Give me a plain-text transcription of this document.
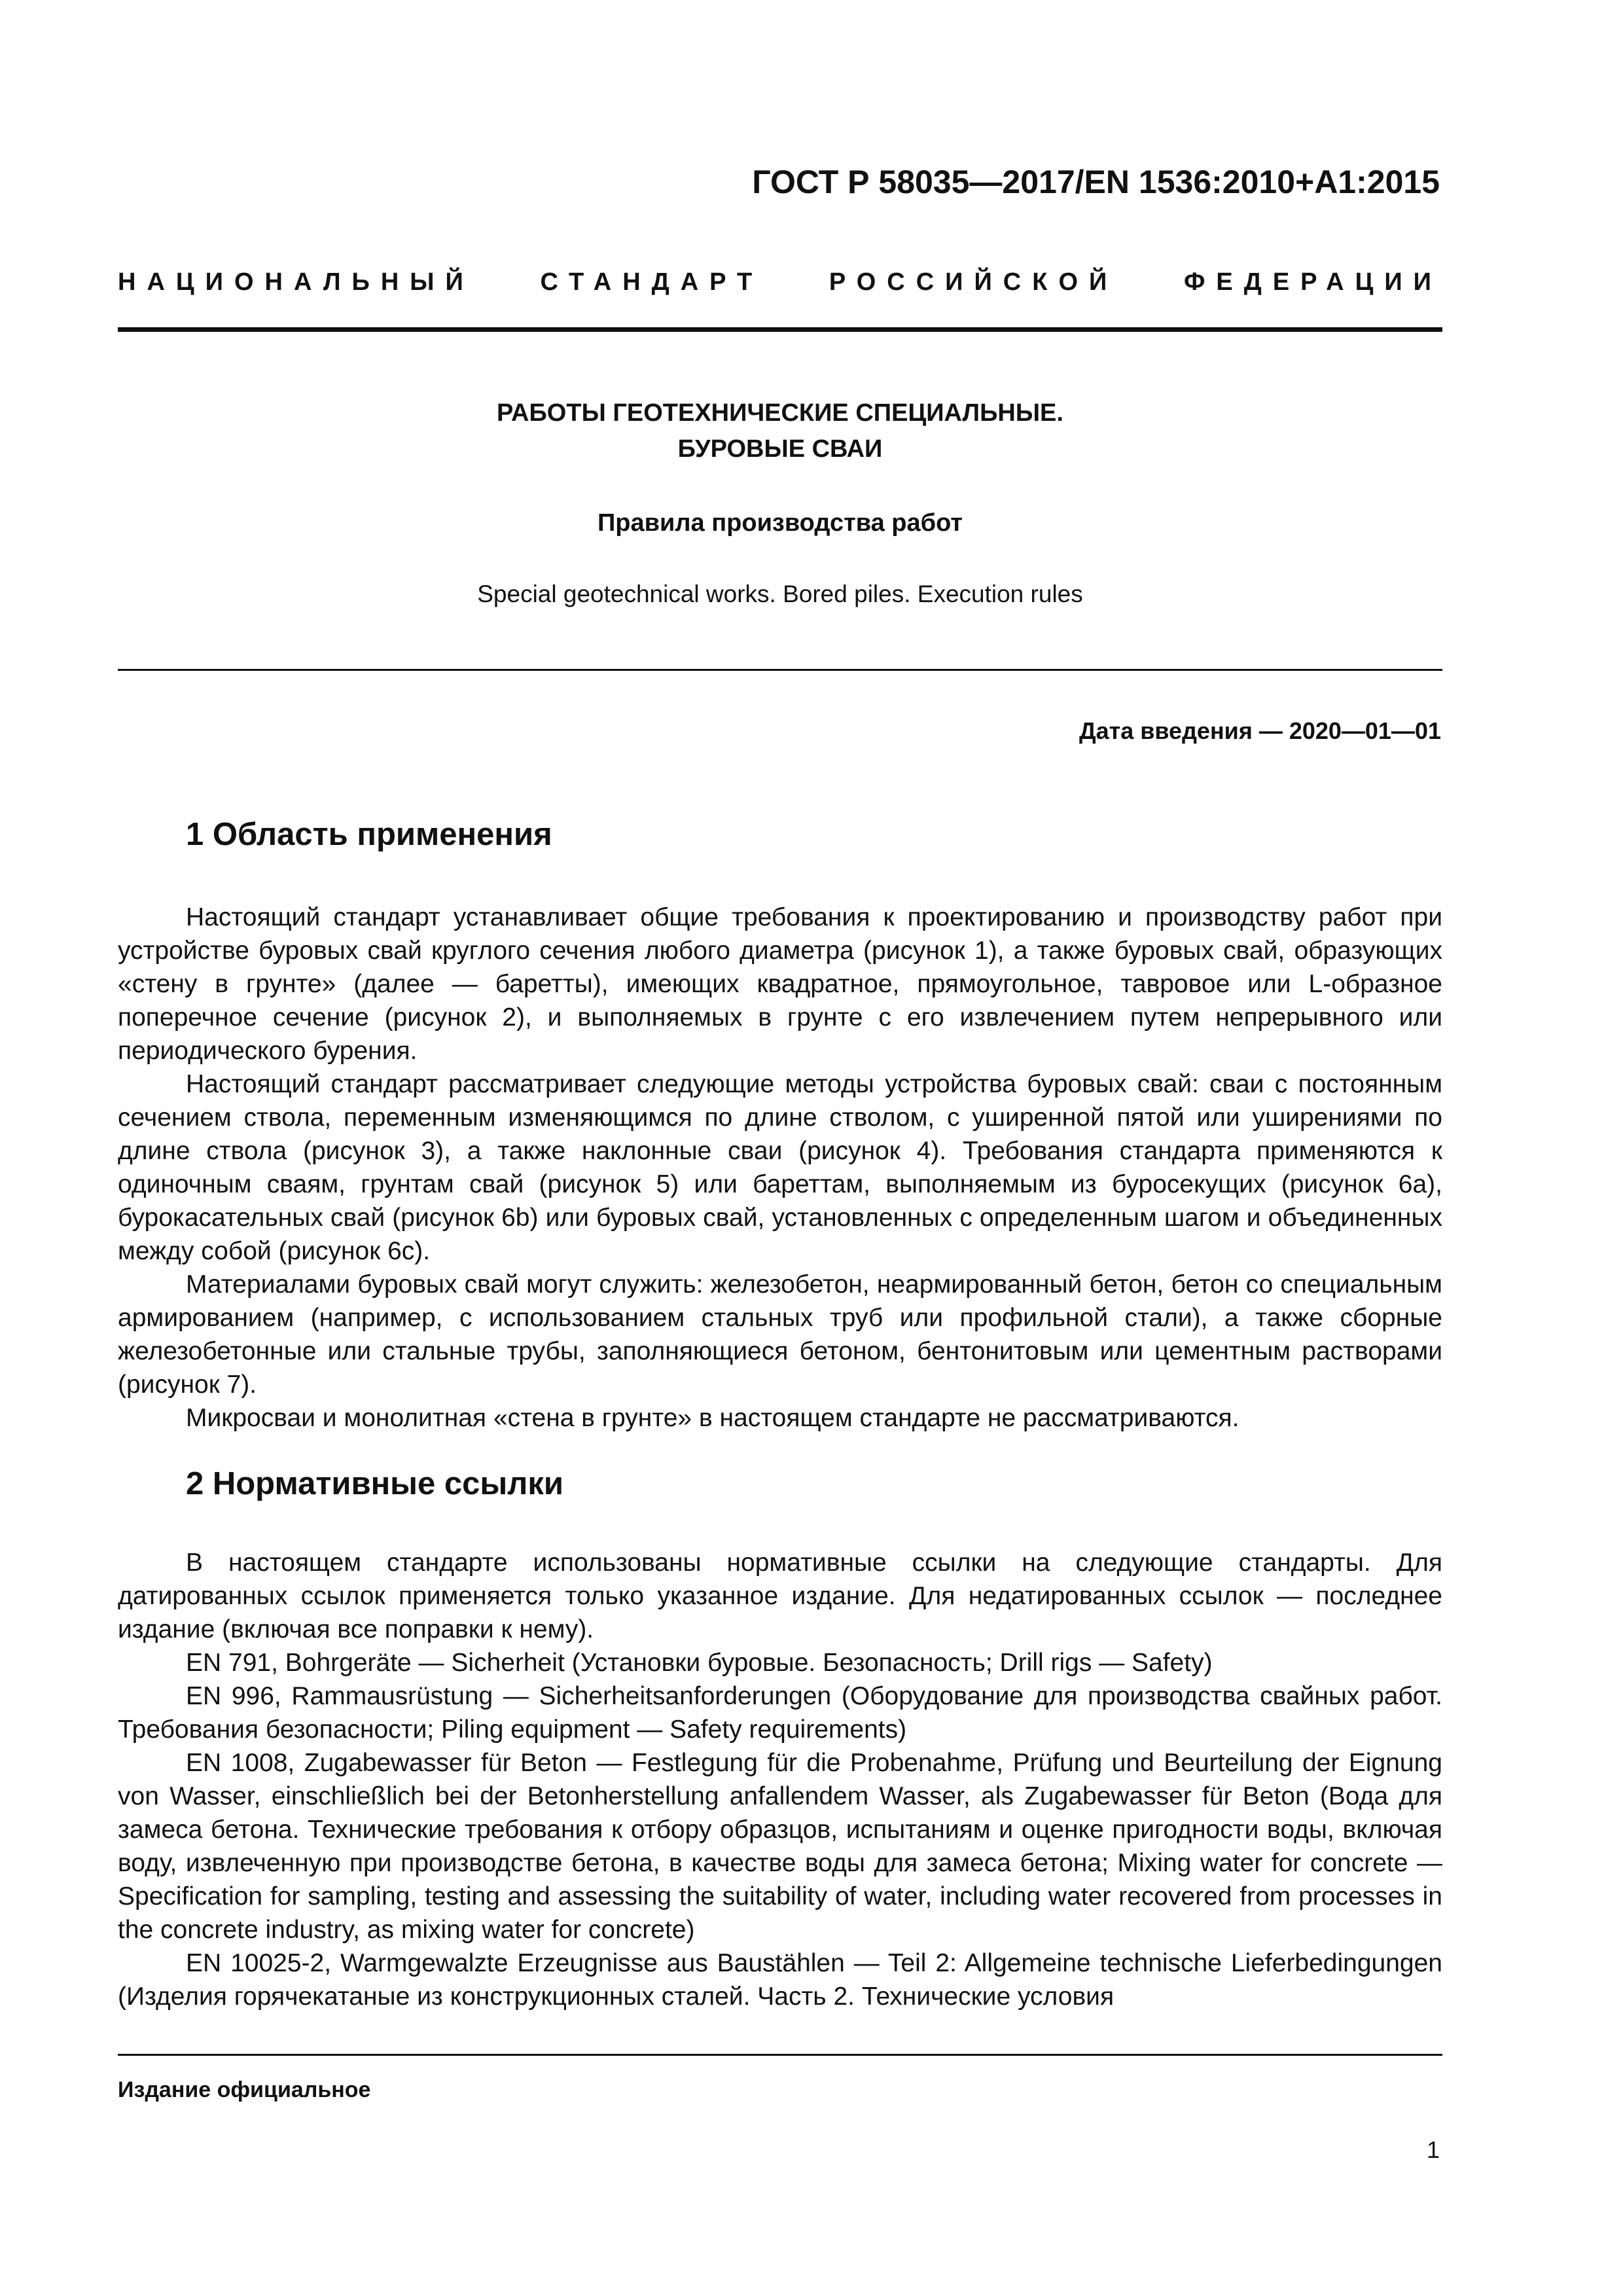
ГОСТ Р 58035—2017/EN 1536:2010+А1:2015

НАЦИОНАЛЬНЫЙ	СТАНДАРТ	РОССИЙСКОЙ	ФЕДЕРАЦИИ

РАБОТЫ ГЕОТЕХНИЧЕСКИЕ СПЕЦИАЛЬНЫЕ.
БУРОВЫЕ СВАИ

Правила производства работ

Special geotechnical works. Bored piles. Execution rules

Дата введения — 2020—01—01

1 Область применения

Настоящий стандарт устанавливает общие требования к проектированию и производству работ при устройстве буровых свай круглого сечения любого диаметра (рисунок 1), а также буровых свай, образующих «стену в грунте» (далее — баретты), имеющих квадратное, прямоугольное, тавровое или L-образное поперечное сечение (рисунок 2), и выполняемых в грунте с его извлечением путем непрерывного или периодического бурения.

Настоящий стандарт рассматривает следующие методы устройства буровых свай: сваи с постоянным сечением ствола, переменным изменяющимся по длине стволом, с уширенной пятой или уширениями по длине ствола (рисунок 3), а также наклонные сваи (рисунок 4). Требования стандарта применяются к одиночным сваям, грунтам свай (рисунок 5) или бареттам, выполняемым из буросекущих (рисунок 6a), бурокасательных свай (рисунок 6b) или буровых свай, установленных с определенным шагом и объединенных между собой (рисунок 6c).

Материалами буровых свай могут служить: железобетон, неармированный бетон, бетон со специальным армированием (например, с использованием стальных труб или профильной стали), а также сборные железобетонные или стальные трубы, заполняющиеся бетоном, бентонитовым или цементным растворами (рисунок 7).

Микросваи и монолитная «стена в грунте» в настоящем стандарте не рассматриваются.

2 Нормативные ссылки

В настоящем стандарте использованы нормативные ссылки на следующие стандарты. Для датированных ссылок применяется только указанное издание. Для недатированных ссылок — последнее издание (включая все поправки к нему).

EN 791, Bohrgeräte — Sicherheit (Установки буровые. Безопасность; Drill rigs — Safety)

EN 996, Rammausrüstung — Sicherheitsanforderungen (Оборудование для производства свайных работ. Требования безопасности; Piling equipment — Safety requirements)

EN 1008, Zugabewasser für Beton — Festlegung für die Probenahme, Prüfung und Beurteilung der Eignung von Wasser, einschließlich bei der Betonherstellung anfallendem Wasser, als Zugabewasser für Beton (Вода для замеса бетона. Технические требования к отбору образцов, испытаниям и оценке пригодности воды, включая воду, извлеченную при производстве бетона, в качестве воды для замеса бетона; Mixing water for concrete — Specification for sampling, testing and assessing the suitability of water, including water recovered from processes in the concrete industry, as mixing water for concrete)

EN 10025-2, Warmgewalzte Erzeugnisse aus Baustählen — Teil 2: Allgemeine technische Lieferbedingungen (Изделия горячекатаные из конструкционных сталей. Часть 2. Технические условия

Издание официальное

1
